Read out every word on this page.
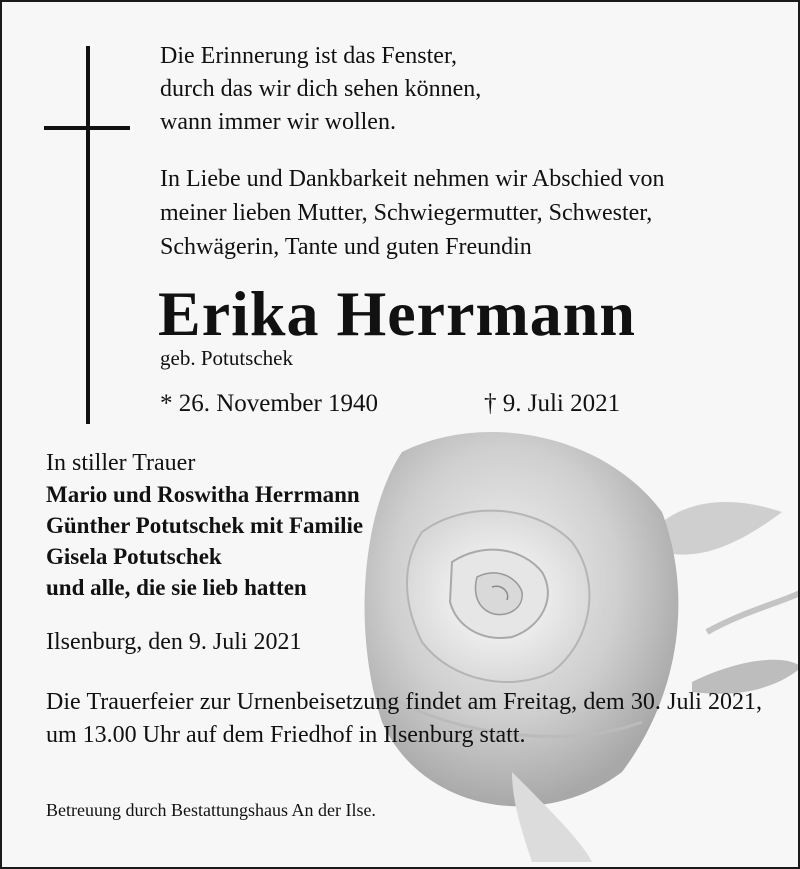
Die Erinnerung ist das Fenster,
durch das wir dich sehen können,
wann immer wir wollen.
In Liebe und Dankbarkeit nehmen wir Abschied von
meiner lieben Mutter, Schwiegermutter, Schwester,
Schwägerin, Tante und guten Freundin
Erika Herrmann
geb. Potutschek
* 26. November 1940	† 9. Juli 2021
In stiller Trauer
Mario und Roswitha Herrmann
Günther Potutschek mit Familie
Gisela Potutschek
und alle, die sie lieb hatten
Ilsenburg, den 9. Juli 2021
Die Trauerfeier zur Urnenbeisetzung findet am Freitag, dem 30. Juli 2021, um 13.00 Uhr auf dem Friedhof in Ilsenburg statt.
Betreuung durch Bestattungshaus An der Ilse.
